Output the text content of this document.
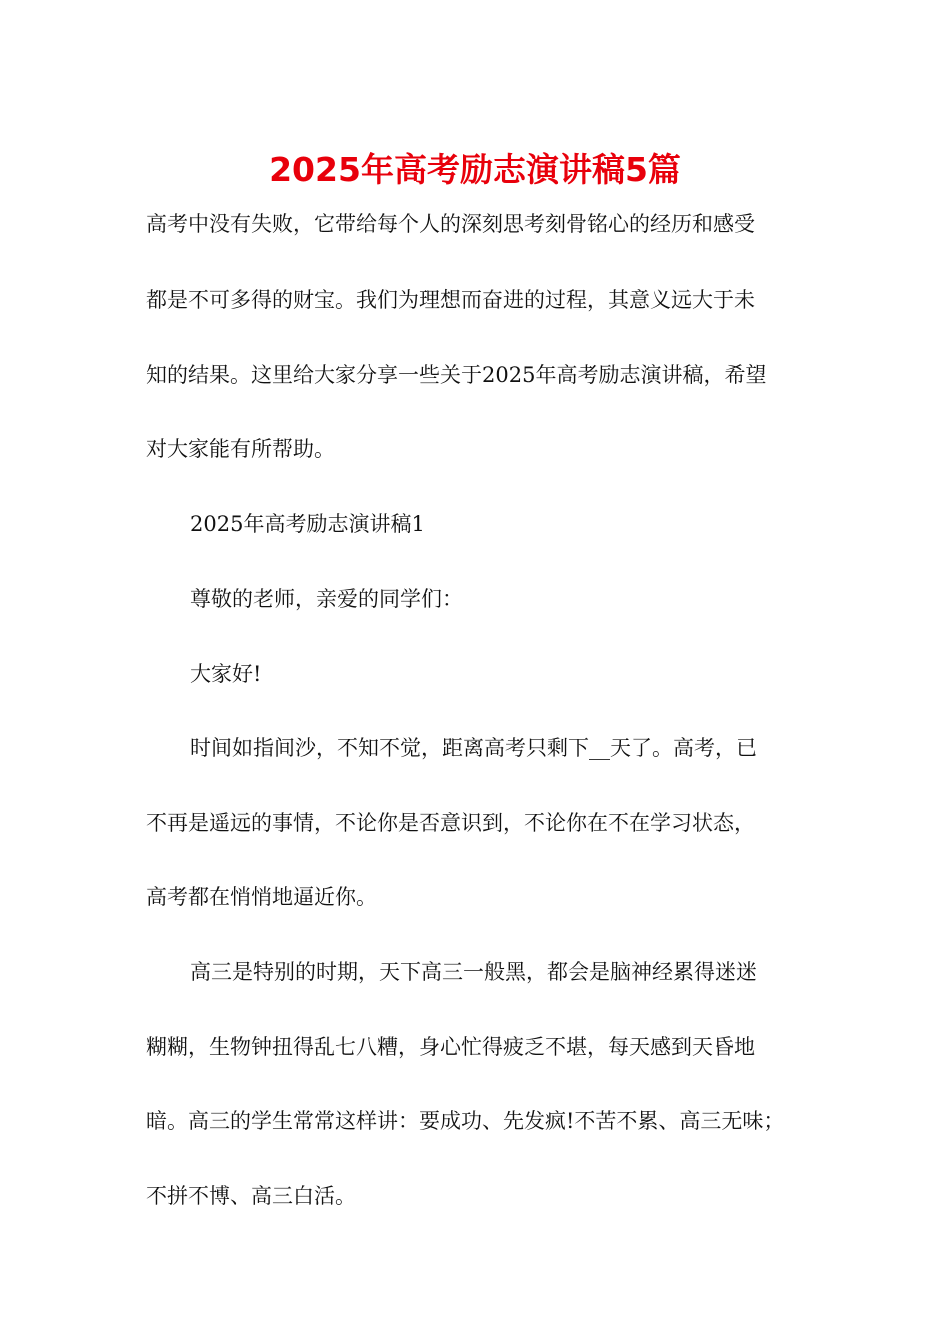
2025年高考励志演讲稿5篇

高考中没有失败，它带给每个人的深刻思考刻骨铭心的经历和感受

都是不可多得的财宝。我们为理想而奋进的过程，其意义远大于未

知的结果。这里给大家分享一些关于2025年高考励志演讲稿，希望

对大家能有所帮助。

2025年高考励志演讲稿1

尊敬的老师，亲爱的同学们：

大家好!

时间如指间沙，不知不觉，距离高考只剩下__天了。高考，已

不再是遥远的事情，不论你是否意识到，不论你在不在学习状态，

高考都在悄悄地逼近你。

高三是特别的时期，天下高三一般黑，都会是脑神经累得迷迷

糊糊，生物钟扭得乱七八糟，身心忙得疲乏不堪，每天感到天昏地

暗。高三的学生常常这样讲：要成功、先发疯!不苦不累、高三无味；

不拼不博、高三白活。
